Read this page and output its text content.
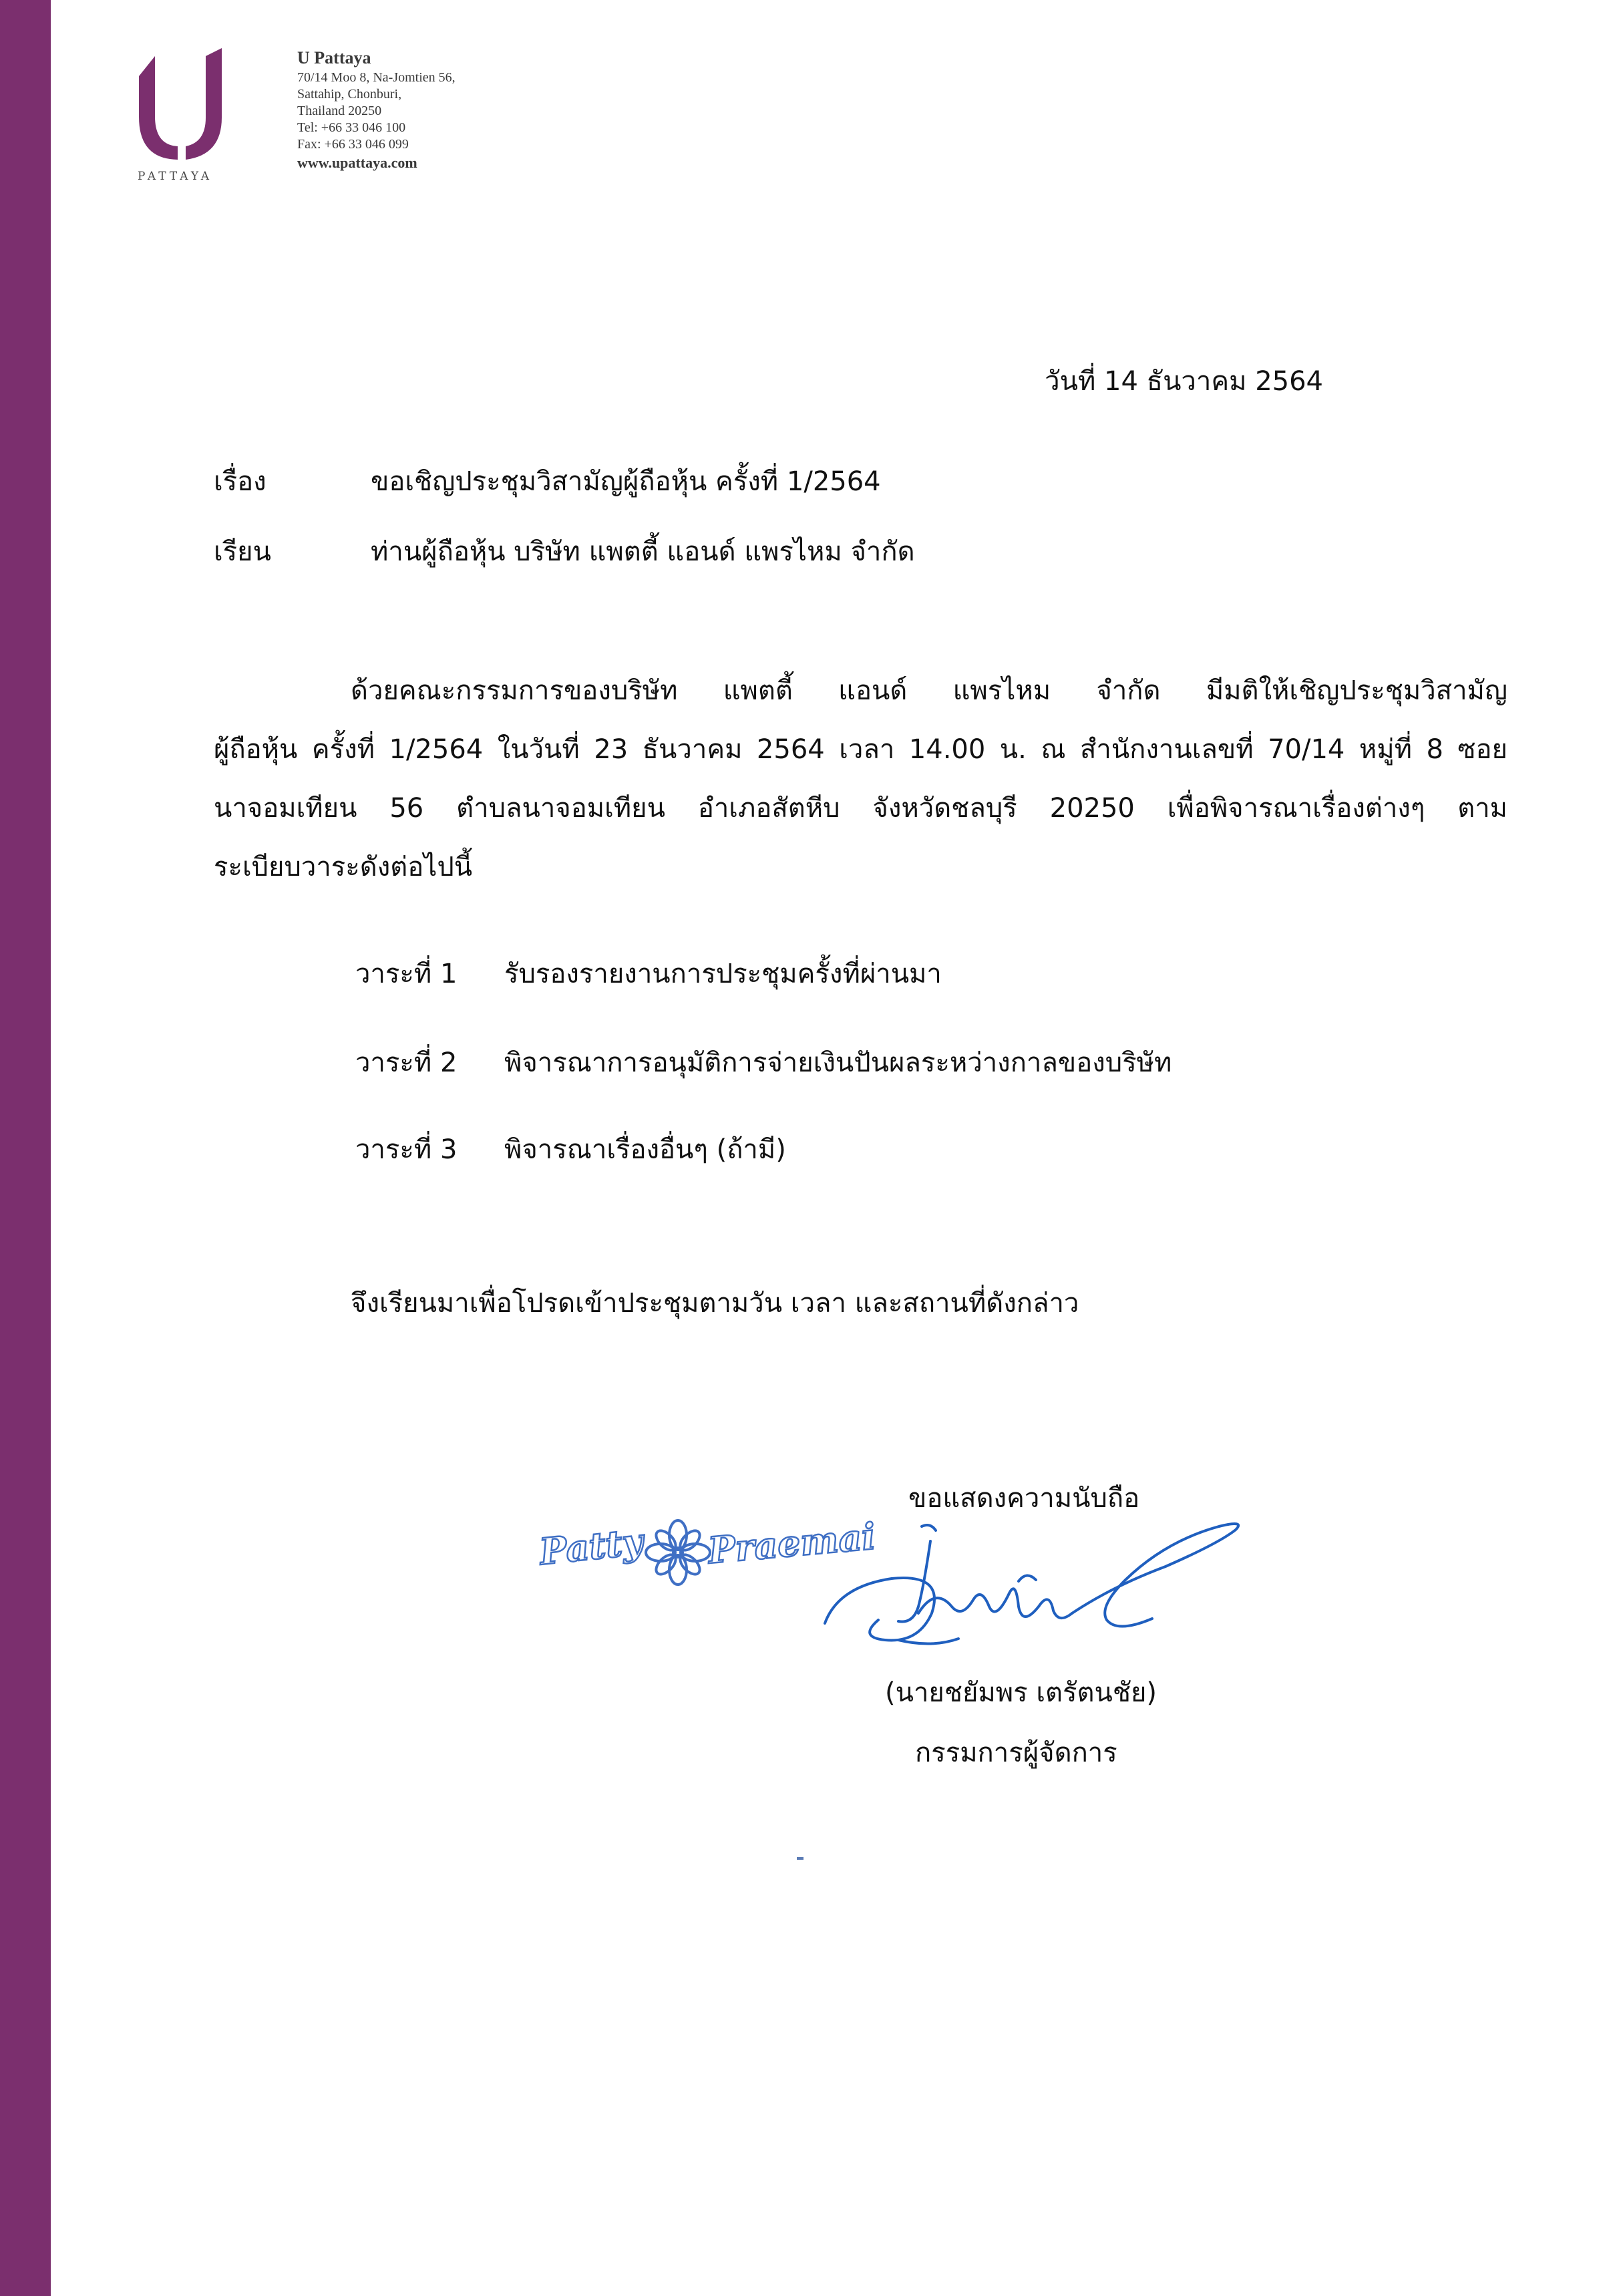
PATTAYA
U Pattaya
70/14 Moo 8, Na-Jomtien 56,
Sattahip, Chonburi,
Thailand 20250
Tel: +66 33 046 100
Fax: +66 33 046 099
www.upattaya.com
วันที่ 14 ธันวาคม 2564
เรื่อง	ขอเชิญประชุมวิสามัญผู้ถือหุ้น ครั้งที่ 1/2564
เรียน	ท่านผู้ถือหุ้น บริษัท แพตตี้ แอนด์ แพรไหม จำกัด
ด้วยคณะกรรมการของบริษัท แพตตี้ แอนด์ แพรไหม จำกัด มีมติให้เชิญประชุมวิสามัญ
ผู้ถือหุ้น ครั้งที่ 1/2564 ในวันที่ 23 ธันวาคม 2564 เวลา 14.00 น. ณ สำนักงานเลขที่ 70/14 หมู่ที่ 8 ซอย
นาจอมเทียน 56 ตำบลนาจอมเทียน อำเภอสัตหีบ จังหวัดชลบุรี 20250 เพื่อพิจารณาเรื่องต่างๆ ตาม
ระเบียบวาระดังต่อไปนี้
วาระที่ 1 รับรองรายงานการประชุมครั้งที่ผ่านมา
วาระที่ 2 พิจารณาการอนุมัติการจ่ายเงินปันผลระหว่างกาลของบริษัท
วาระที่ 3 พิจารณาเรื่องอื่นๆ (ถ้ามี)
จึงเรียนมาเพื่อโปรดเข้าประชุมตามวัน เวลา และสถานที่ดังกล่าว
ขอแสดงความนับถือ
Patty Praemai
(นายชยัมพร เตรัตนชัย)
กรรมการผู้จัดการ
